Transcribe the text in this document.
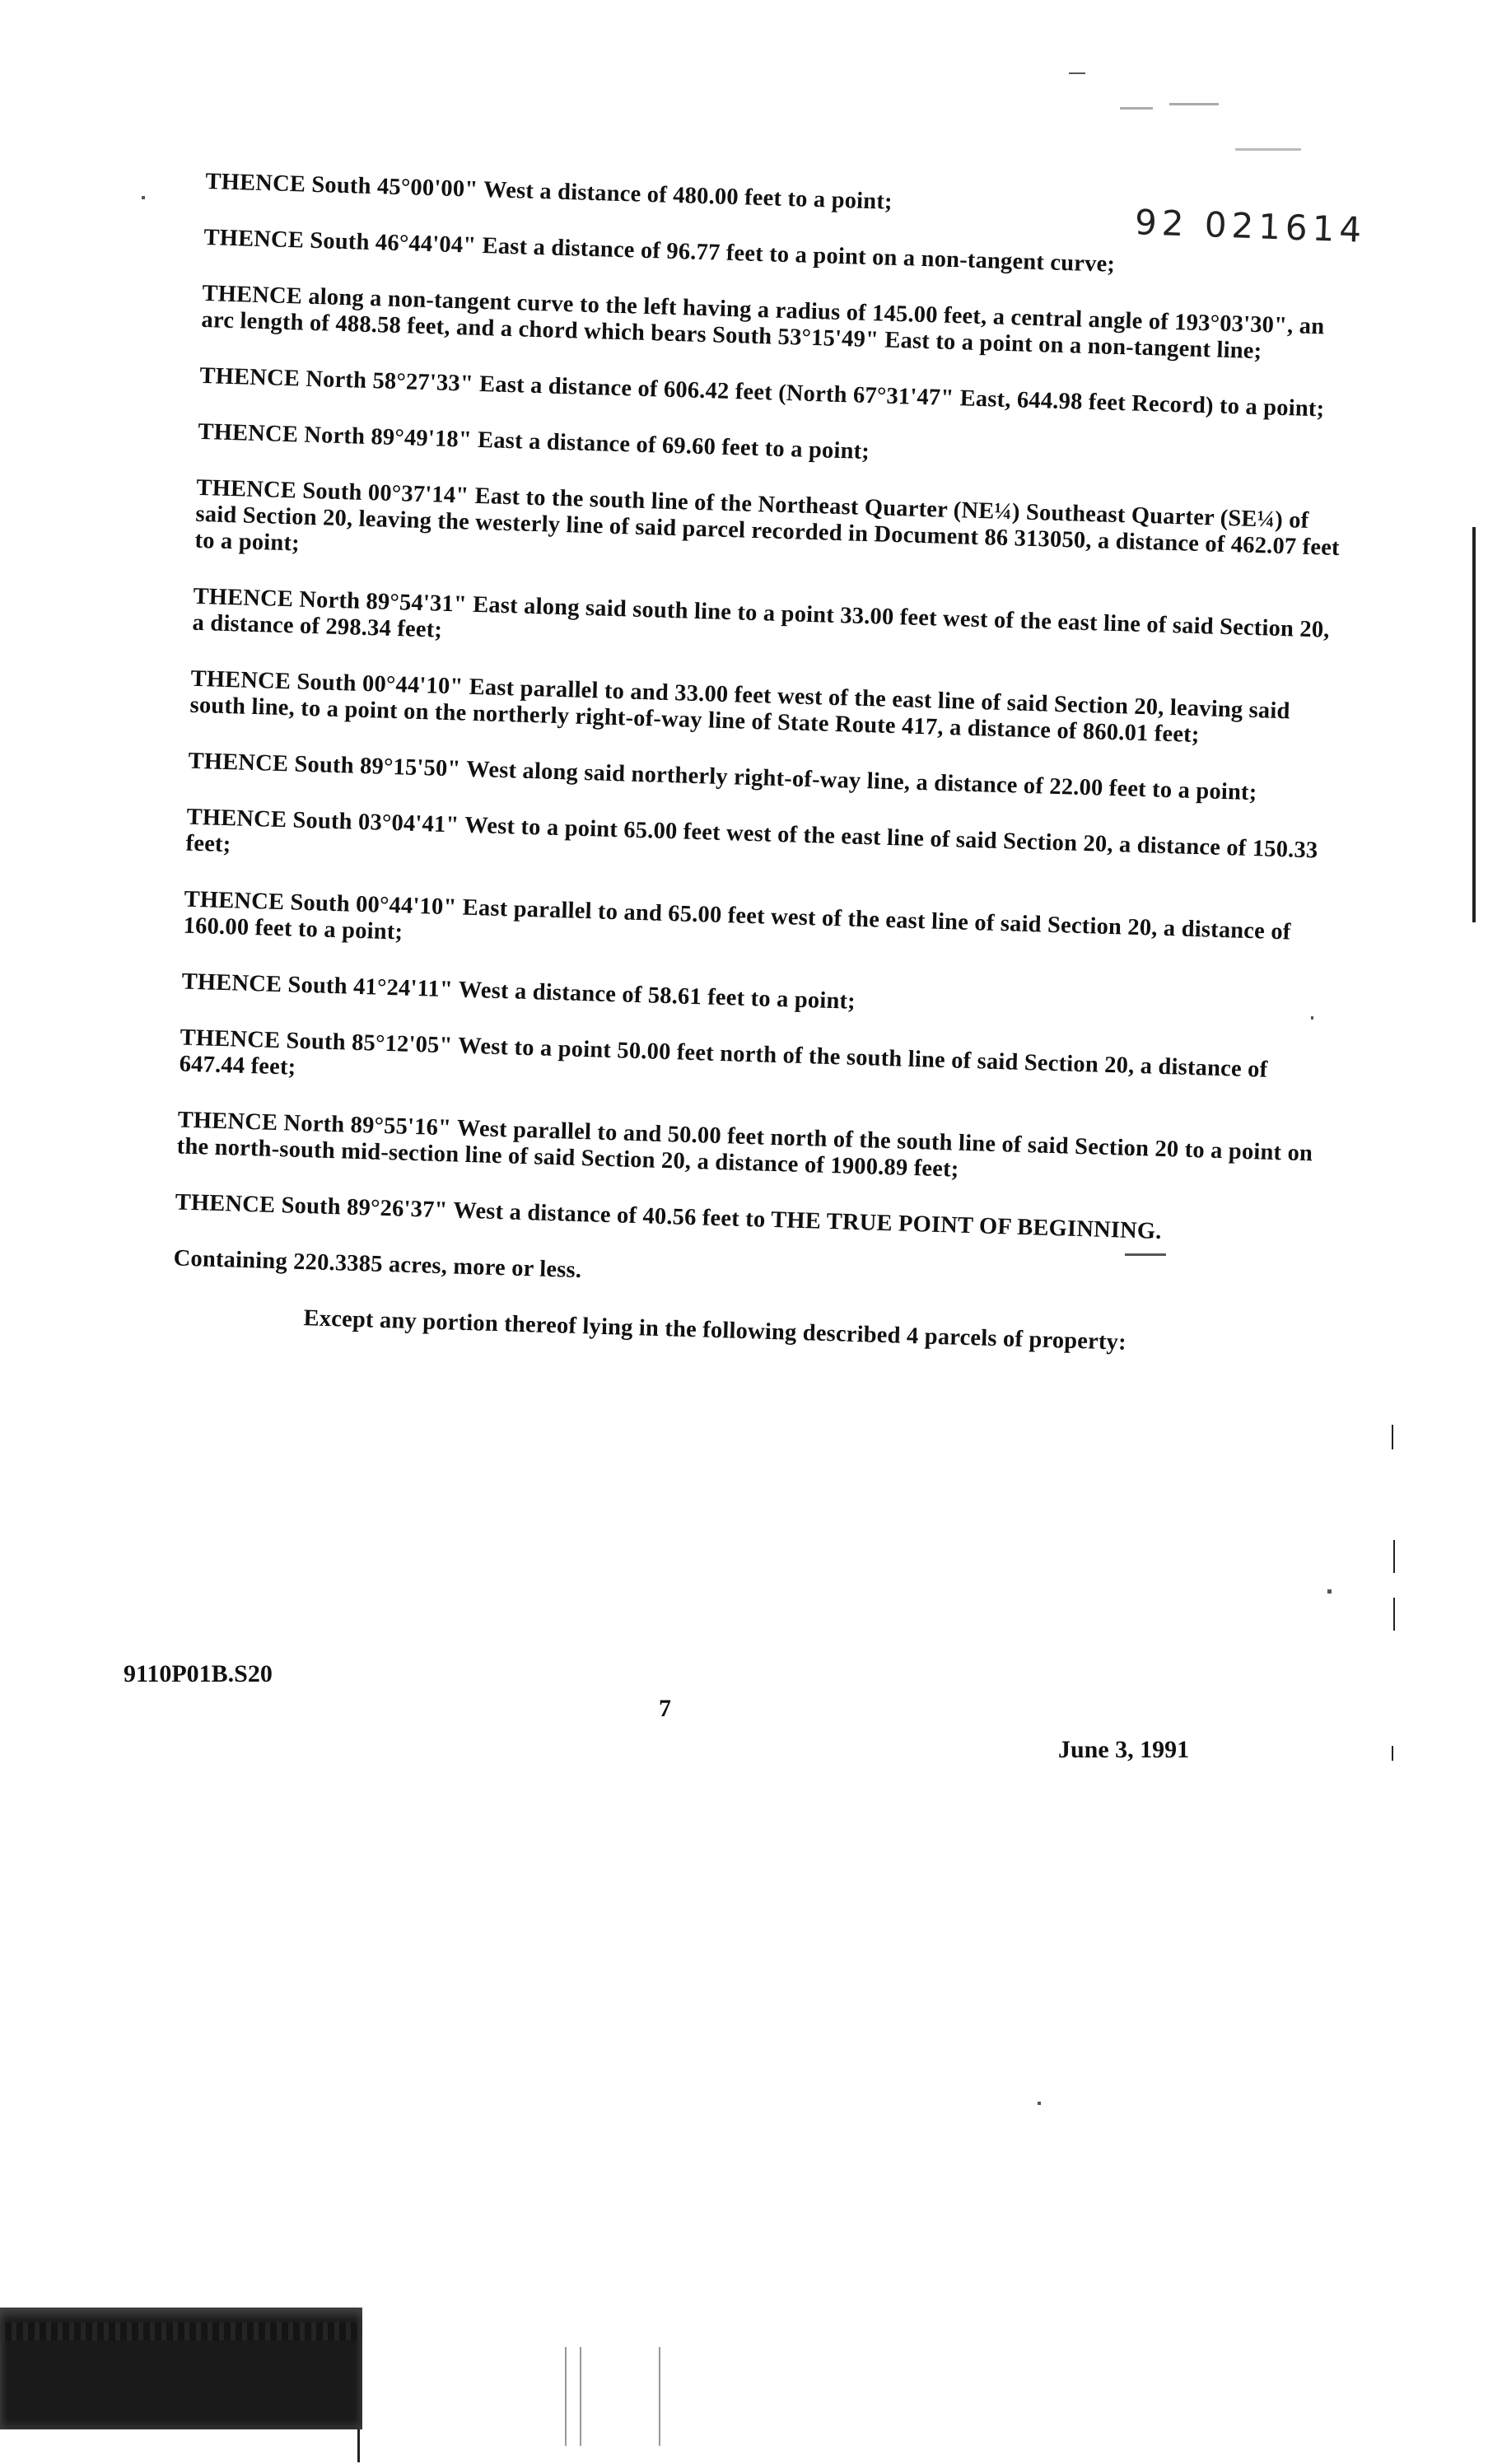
92 021614

THENCE South 45°00'00" West a distance of 480.00 feet to a point;

THENCE South 46°44'04" East a distance of 96.77 feet to a point on a non-tangent curve;

THENCE along a non-tangent curve to the left having a radius of 145.00 feet, a central angle of 193°03'30", an arc length of 488.58 feet, and a chord which bears South 53°15'49" East to a point on a non-tangent line;

THENCE North 58°27'33" East a distance of 606.42 feet (North 67°31'47" East, 644.98 feet Record) to a point;

THENCE North 89°49'18" East a distance of 69.60 feet to a point;

THENCE South 00°37'14" East to the south line of the Northeast Quarter (NE¼) Southeast Quarter (SE¼) of said Section 20, leaving the westerly line of said parcel recorded in Document 86 313050, a distance of 462.07 feet to a point;

THENCE North 89°54'31" East along said south line to a point 33.00 feet west of the east line of said Section 20, a distance of 298.34 feet;

THENCE South 00°44'10" East parallel to and 33.00 feet west of the east line of said Section 20, leaving said south line, to a point on the northerly right-of-way line of State Route 417, a distance of 860.01 feet;

THENCE South 89°15'50" West along said northerly right-of-way line, a distance of 22.00 feet to a point;

THENCE South 03°04'41" West to a point 65.00 feet west of the east line of said Section 20, a distance of 150.33 feet;

THENCE South 00°44'10" East parallel to and 65.00 feet west of the east line of said Section 20, a distance of 160.00 feet to a point;

THENCE South 41°24'11" West a distance of 58.61 feet to a point;

THENCE South 85°12'05" West to a point 50.00 feet north of the south line of said Section 20, a distance of 647.44 feet;

THENCE North 89°55'16" West parallel to and 50.00 feet north of the south line of said Section 20 to a point on the north-south mid-section line of said Section 20, a distance of 1900.89 feet;

THENCE South 89°26'37" West a distance of 40.56 feet to THE TRUE POINT OF BEGINNING.

Containing 220.3385 acres, more or less.

Except any portion thereof lying in the following described 4 parcels of property:

9110P01B.S20
7
June 3, 1991
